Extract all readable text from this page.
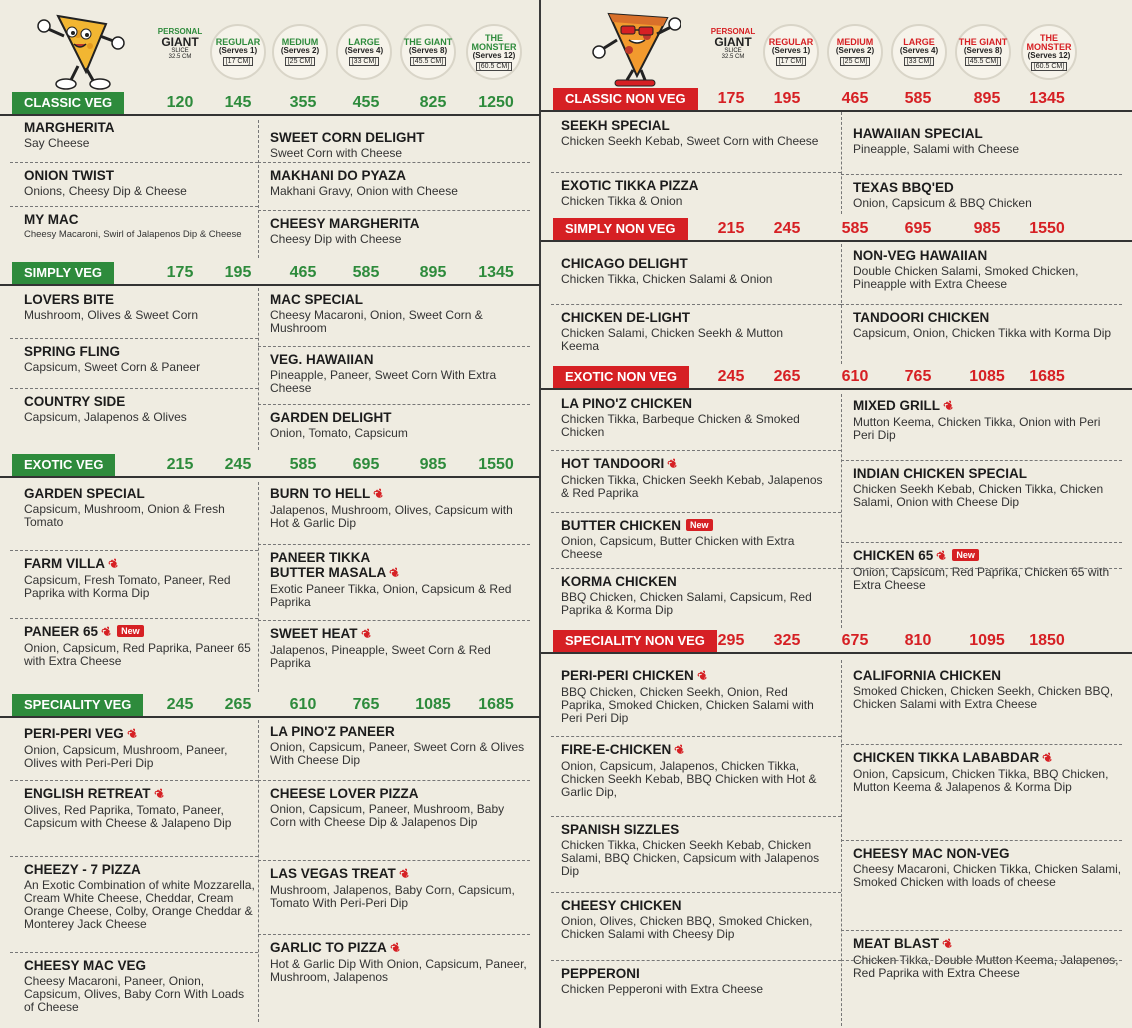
PERSONAL
GIANT
SLICE
32.5 CM
REGULAR
(Serves 1)
[17 CM]
MEDIUM
(Serves 2)
[25 CM]
LARGE
(Serves 4)
[33 CM]
THE GIANT
(Serves 8)
[45.5 CM]
THE MONSTER
(Serves 12)
[60.5 CM]
CLASSIC VEG	120	145	355	455	825	1250
MARGHERITA
Say Cheese	SWEET CORN DELIGHT
Sweet Corn with Cheese
ONION TWIST
Onions, Cheesy Dip & Cheese
MAKHANI DO PYAZA
Makhani Gravy, Onion with Cheese
MY MAC
Cheesy Macaroni, Swirl of Jalapenos Dip & Cheese
CHEESY MARGHERITA
Cheesy Dip with Cheese
SIMPLY VEG	175	195	465	585	895	1345
LOVERS BITE
Mushroom, Olives & Sweet Corn
MAC SPECIAL
Cheesy Macaroni, Onion, Sweet Corn & Mushroom
SPRING FLING
Capsicum, Sweet Corn & Paneer	VEG. HAWAIIAN
Pineapple, Paneer, Sweet Corn With Extra Cheese
COUNTRY SIDE
Capsicum, Jalapenos & Olives	GARDEN DELIGHT
Onion, Tomato, Capsicum
EXOTIC VEG	215	245	585	695	985	1550
GARDEN SPECIAL
Capsicum, Mushroom, Onion & Fresh Tomato
BURN TO HELL❦
Jalapenos, Mushroom, Olives, Capsicum with Hot & Garlic Dip
FARM VILLA❦
Capsicum, Fresh Tomato, Paneer, Red Paprika with Korma Dip
PANEER TIKKA BUTTER MASALA❦
Exotic Paneer Tikka, Onion, Capsicum & Red Paprika
PANEER 65❦ New
Onion, Capsicum, Red Paprika, Paneer 65 with Extra Cheese
SWEET HEAT❦
Jalapenos, Pineapple, Sweet Corn & Red Paprika
SPECIALITY VEG	245	265	610	765	1085	1685
PERI-PERI VEG❦
Onion, Capsicum, Mushroom, Paneer, Olives with Peri-Peri Dip
LA PINO'Z PANEER
Onion, Capsicum, Paneer, Sweet Corn & Olives With Cheese Dip
ENGLISH RETREAT❦
Olives, Red Paprika, Tomato, Paneer, Capsicum with Cheese & Jalapeno Dip
CHEESE LOVER PIZZA
Onion, Capsicum, Paneer, Mushroom, Baby Corn with Cheese Dip & Jalapenos Dip
CHEEZY - 7 PIZZA
An Exotic Combination of white Mozzarella, Cream White Cheese, Cheddar, Cream Orange Cheese, Colby, Orange Cheddar & Monterey Jack Cheese
LAS VEGAS TREAT❦
Mushroom, Jalapenos, Baby Corn, Capsicum, Tomato With Peri-Peri Dip
CHEESY MAC VEG
Cheesy Macaroni, Paneer, Onion, Capsicum, Olives, Baby Corn With Loads of Cheese
GARLIC TO PIZZA❦
Hot & Garlic Dip With Onion, Capsicum, Paneer, Mushroom, Jalapenos
PERSONAL
GIANT
SLICE
32.5 CM
REGULAR
(Serves 1)
[17 CM]
MEDIUM
(Serves 2)
[25 CM]
LARGE
(Serves 4)
[33 CM]
THE GIANT
(Serves 8)
[45.5 CM]
THE MONSTER
(Serves 12)
[60.5 CM]
CLASSIC NON VEG	175	195	465	585	895	1345
SEEKH SPECIAL
Chicken Seekh Kebab, Sweet Corn with Cheese	HAWAIIAN SPECIAL
Pineapple, Salami with Cheese
EXOTIC TIKKA PIZZA
Chicken Tikka & Onion
TEXAS BBQ'ED
Onion, Capsicum & BBQ Chicken
SIMPLY NON VEG	215	245	585	695	985	1550
CHICAGO DELIGHT
Chicken Tikka, Chicken Salami & Onion
NON-VEG HAWAIIAN
Double Chicken Salami, Smoked Chicken, Pineapple with Extra Cheese
CHICKEN DE-LIGHT
Chicken Salami, Chicken Seekh & Mutton Keema
TANDOORI CHICKEN
Capsicum, Onion, Chicken Tikka with Korma Dip
EXOTIC NON VEG	245	265	610	765	1085	1685
LA PINO'Z CHICKEN
Chicken Tikka, Barbeque Chicken & Smoked Chicken
MIXED GRILL❦
Mutton Keema, Chicken Tikka, Onion with Peri Peri Dip
HOT TANDOORI❦
Chicken Tikka, Chicken Seekh Kebab, Jalapenos & Red Paprika
INDIAN CHICKEN SPECIAL
Chicken Seekh Kebab, Chicken Tikka, Chicken Salami, Onion with Cheese Dip
BUTTER CHICKEN New
Onion, Capsicum, Butter Chicken with Extra Cheese	CHICKEN 65❦ New
Onion, Capsicum, Red Paprika, Chicken 65 with Extra Cheese
KORMA CHICKEN
BBQ Chicken, Chicken Salami, Capsicum, Red Paprika & Korma Dip
SPECIALITY NON VEG 295	325	675	810	1095	1850
PERI-PERI CHICKEN❦
BBQ Chicken, Chicken Seekh, Onion, Red Paprika, Smoked Chicken, Chicken Salami with Peri Peri Dip
CALIFORNIA CHICKEN
Smoked Chicken, Chicken Seekh, Chicken BBQ, Chicken Salami with Extra Cheese
FIRE-E-CHICKEN❦
Onion, Capsicum, Jalapenos, Chicken Tikka, Chicken Seekh Kebab, BBQ Chicken with Hot & Garlic Dip,
CHICKEN TIKKA LABABDAR❦
Onion, Capsicum, Chicken Tikka, BBQ Chicken, Mutton Keema & Jalapenos & Korma Dip
SPANISH SIZZLES
Chicken Tikka, Chicken Seekh Kebab, Chicken Salami, BBQ Chicken, Capsicum with Jalapenos Dip
CHEESY MAC NON-VEG
Cheesy Macaroni, Chicken Tikka, Chicken Salami, Smoked Chicken with loads of cheese
CHEESY CHICKEN
Onion, Olives, Chicken BBQ, Smoked Chicken, Chicken Salami with Cheesy Dip
MEAT BLAST❦
Chicken Tikka, Double Mutton Keema, Jalapenos, Red Paprika with Extra Cheese
PEPPERONI
Chicken Pepperoni with Extra Cheese
